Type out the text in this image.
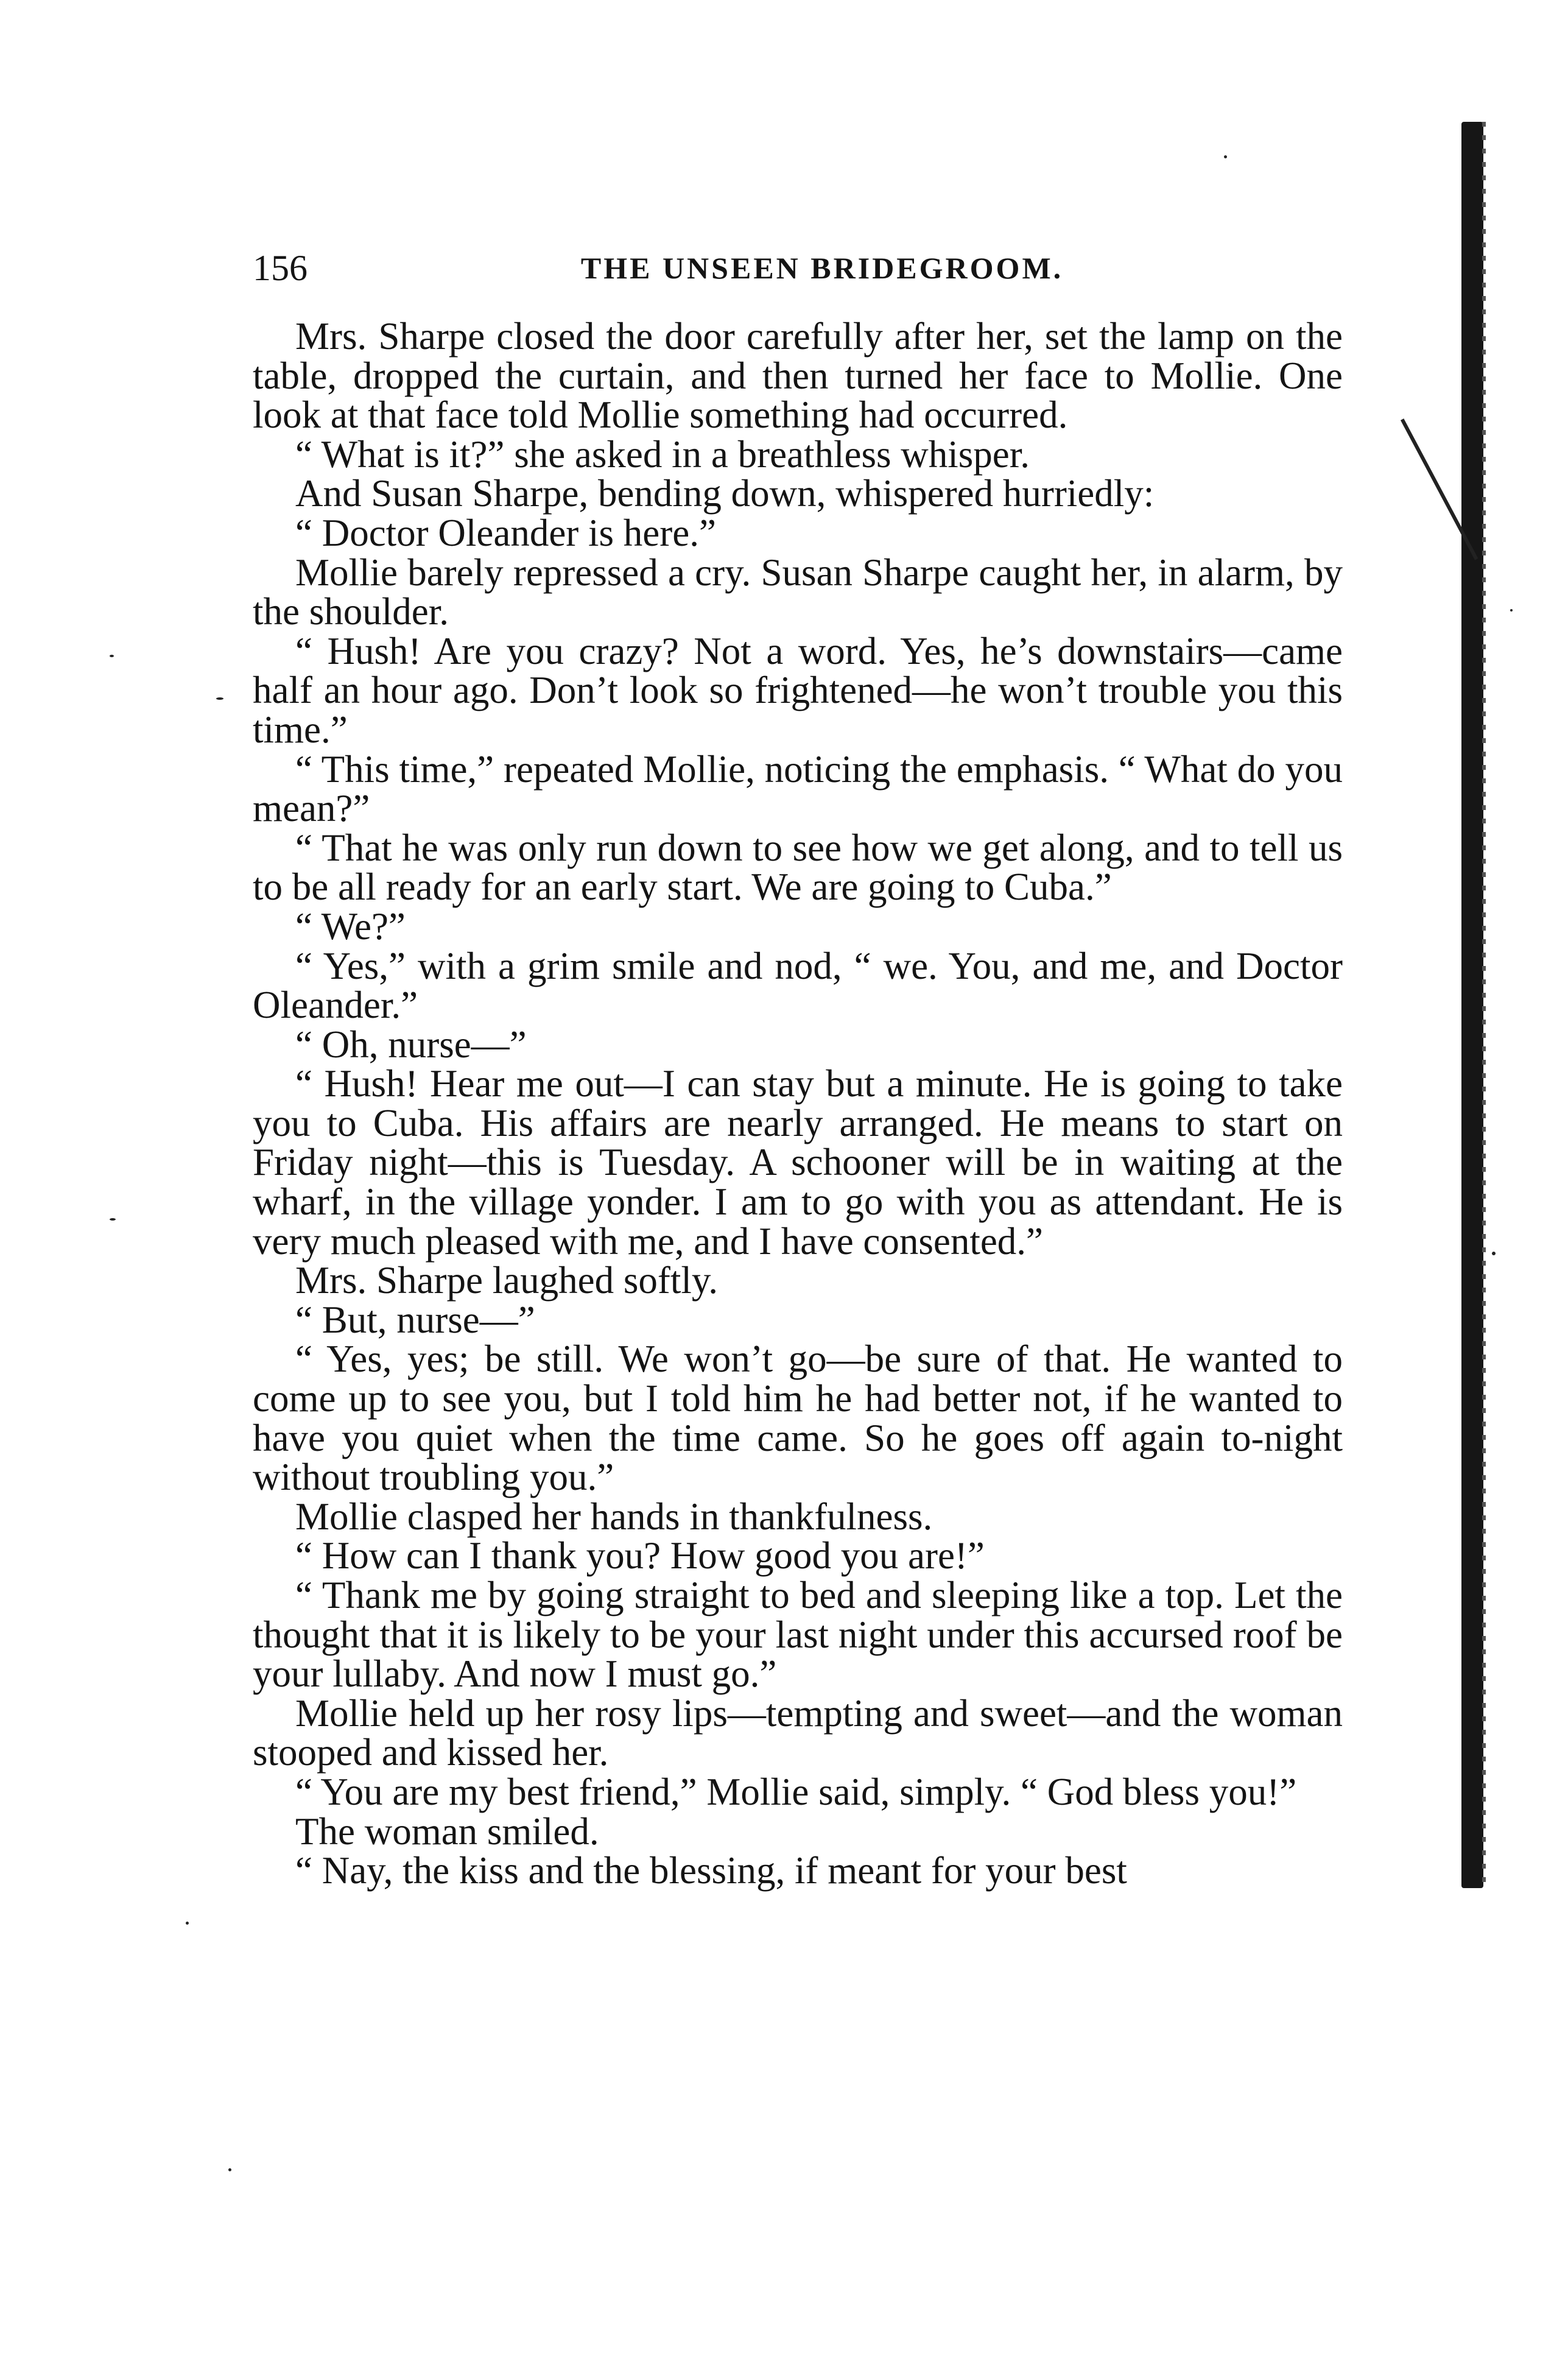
156	THE UNSEEN BRIDEGROOM.

Mrs. Sharpe closed the door carefully after her, set the lamp on the table, dropped the curtain, and then turned her face to Mollie. One look at that face told Mollie something had occurred.

“ What is it?” she asked in a breathless whisper.

And Susan Sharpe, bending down, whispered hurriedly:

“ Doctor Oleander is here.”

Mollie barely repressed a cry. Susan Sharpe caught her, in alarm, by the shoulder.

“ Hush! Are you crazy? Not a word. Yes, he’s downstairs—came half an hour ago. Don’t look so frightened—he won’t trouble you this time.”

“ This time,” repeated Mollie, noticing the emphasis. “ What do you mean?”

“ That he was only run down to see how we get along, and to tell us to be all ready for an early start. We are going to Cuba.”

“ We?”

“ Yes,” with a grim smile and nod, “ we. You, and me, and Doctor Oleander.”

“ Oh, nurse—”

“ Hush! Hear me out—I can stay but a minute. He is going to take you to Cuba. His affairs are nearly arranged. He means to start on Friday night—this is Tuesday. A schooner will be in waiting at the wharf, in the village yonder. I am to go with you as attendant. He is very much pleased with me, and I have consented.”

Mrs. Sharpe laughed softly.

“ But, nurse—”

“ Yes, yes; be still. We won’t go—be sure of that. He wanted to come up to see you, but I told him he had better not, if he wanted to have you quiet when the time came. So he goes off again to-night without troubling you.”

Mollie clasped her hands in thankfulness.

“ How can I thank you? How good you are!”

“ Thank me by going straight to bed and sleeping like a top. Let the thought that it is likely to be your last night under this accursed roof be your lullaby. And now I must go.”

Mollie held up her rosy lips—tempting and sweet—and the woman stooped and kissed her.

“ You are my best friend,” Mollie said, simply. “ God bless you!”

The woman smiled.

“ Nay, the kiss and the blessing, if meant for your best
